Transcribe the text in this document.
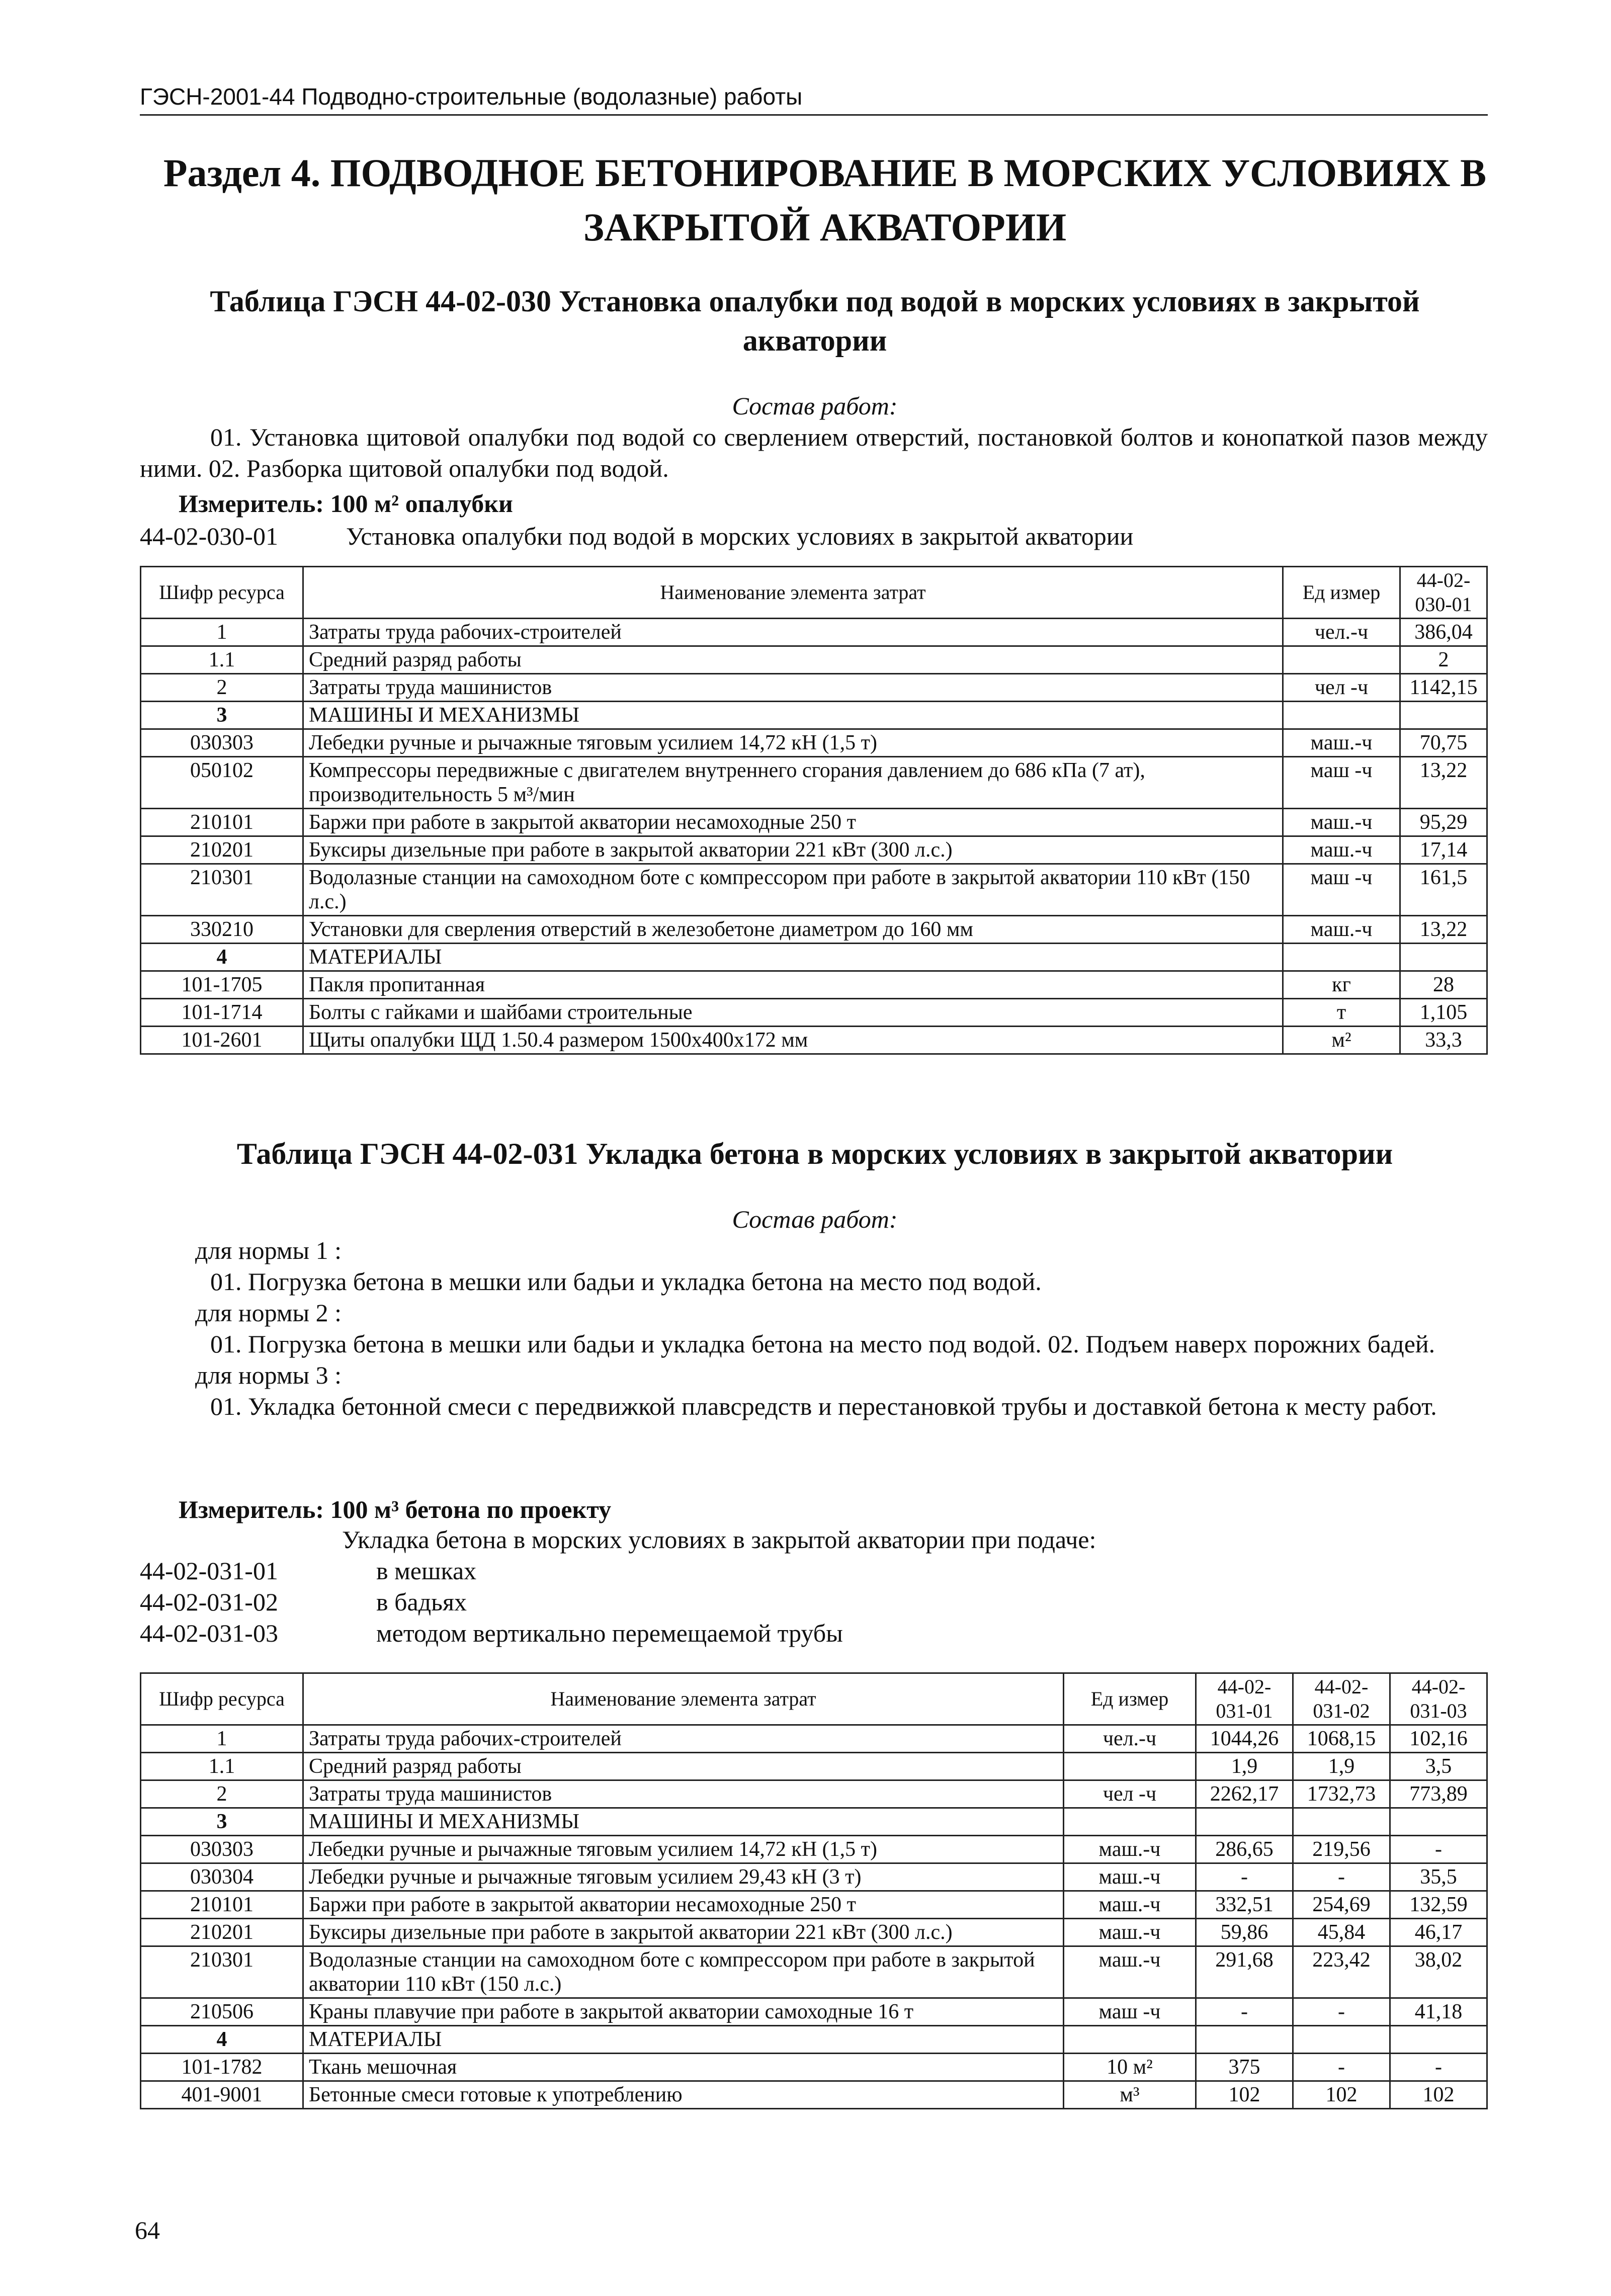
ГЭСН-2001-44 Подводно-строительные (водолазные) работы
Раздел 4. ПОДВОДНОЕ БЕТОНИРОВАНИЕ В МОРСКИХ УСЛОВИЯХ В ЗАКРЫТОЙ АКВАТОРИИ
Таблица ГЭСН 44-02-030 Установка опалубки под водой в морских условиях в закрытой акватории
Состав работ:
01. Установка щитовой опалубки под водой со сверлением отверстий, постановкой болтов и конопаткой пазов между ними. 02. Разборка щитовой опалубки под водой.
Измеритель: 100 м² опалубки
44-02-030-01	Установка опалубки под водой в морских условиях в закрытой акватории
Шифр ресурса	Наименование элемента затрат	Ед измер	44-02-030-01
1	Затраты труда рабочих-строителей	чел.-ч	386,04
1.1	Средний разряд работы		2
2	Затраты труда машинистов	чел -ч	1142,15
3	МАШИНЫ И МЕХАНИЗМЫ		
030303	Лебедки ручные и рычажные тяговым усилием 14,72 кН (1,5 т)	маш.-ч	70,75
050102	Компрессоры передвижные с двигателем внутреннего сгорания давлением до 686 кПа (7 ат), производительность 5 м³/мин	маш -ч	13,22
210101	Баржи при работе в закрытой акватории несамоходные 250 т	маш.-ч	95,29
210201	Буксиры дизельные при работе в закрытой акватории 221 кВт (300 л.с.)	маш.-ч	17,14
210301	Водолазные станции на самоходном боте с компрессором при работе в закрытой акватории 110 кВт (150 л.с.)	маш -ч	161,5
330210	Установки для сверления отверстий в железобетоне диаметром до 160 мм	маш.-ч	13,22
4	МАТЕРИАЛЫ		
101-1705	Пакля пропитанная	кг	28
101-1714	Болты с гайками и шайбами строительные	т	1,105
101-2601	Щиты опалубки ЩД 1.50.4 размером 1500х400х172 мм	м²	33,3
Таблица ГЭСН 44-02-031 Укладка бетона в морских условиях в закрытой акватории
Состав работ:
для нормы 1 :
01. Погрузка бетона в мешки или бадьи и укладка бетона на место под водой.
для нормы 2 :
01. Погрузка бетона в мешки или бадьи и укладка бетона на место под водой. 02. Подъем наверх порожних бадей.
для нормы 3 :
01. Укладка бетонной смеси с передвижкой плавсредств и перестановкой трубы и доставкой бетона к месту работ.
Измеритель: 100 м³ бетона по проекту
Укладка бетона в морских условиях в закрытой акватории при подаче:
44-02-031-01	в мешках
44-02-031-02	в бадьях
44-02-031-03	методом вертикально перемещаемой трубы
Шифр ресурса	Наименование элемента затрат	Ед измер	44-02-031-01	44-02-031-02	44-02-031-03
1	Затраты труда рабочих-строителей	чел.-ч	1044,26	1068,15	102,16
1.1	Средний разряд работы		1,9	1,9	3,5
2	Затраты труда машинистов	чел -ч	2262,17	1732,73	773,89
3	МАШИНЫ И МЕХАНИЗМЫ				
030303	Лебедки ручные и рычажные тяговым усилием 14,72 кН (1,5 т)	маш.-ч	286,65	219,56	-
030304	Лебедки ручные и рычажные тяговым усилием 29,43 кН (3 т)	маш.-ч	-	-	35,5
210101	Баржи при работе в закрытой акватории несамоходные 250 т	маш.-ч	332,51	254,69	132,59
210201	Буксиры дизельные при работе в закрытой акватории 221 кВт (300 л.с.)	маш.-ч	59,86	45,84	46,17
210301	Водолазные станции на самоходном боте с компрессором при работе в закрытой акватории 110 кВт (150 л.с.)	маш.-ч	291,68	223,42	38,02
210506	Краны плавучие при работе в закрытой акватории самоходные 16 т	маш -ч	-	-	41,18
4	МАТЕРИАЛЫ				
101-1782	Ткань мешочная	10 м²	375	-	-
401-9001	Бетонные смеси готовые к употреблению	м³	102	102	102
64
